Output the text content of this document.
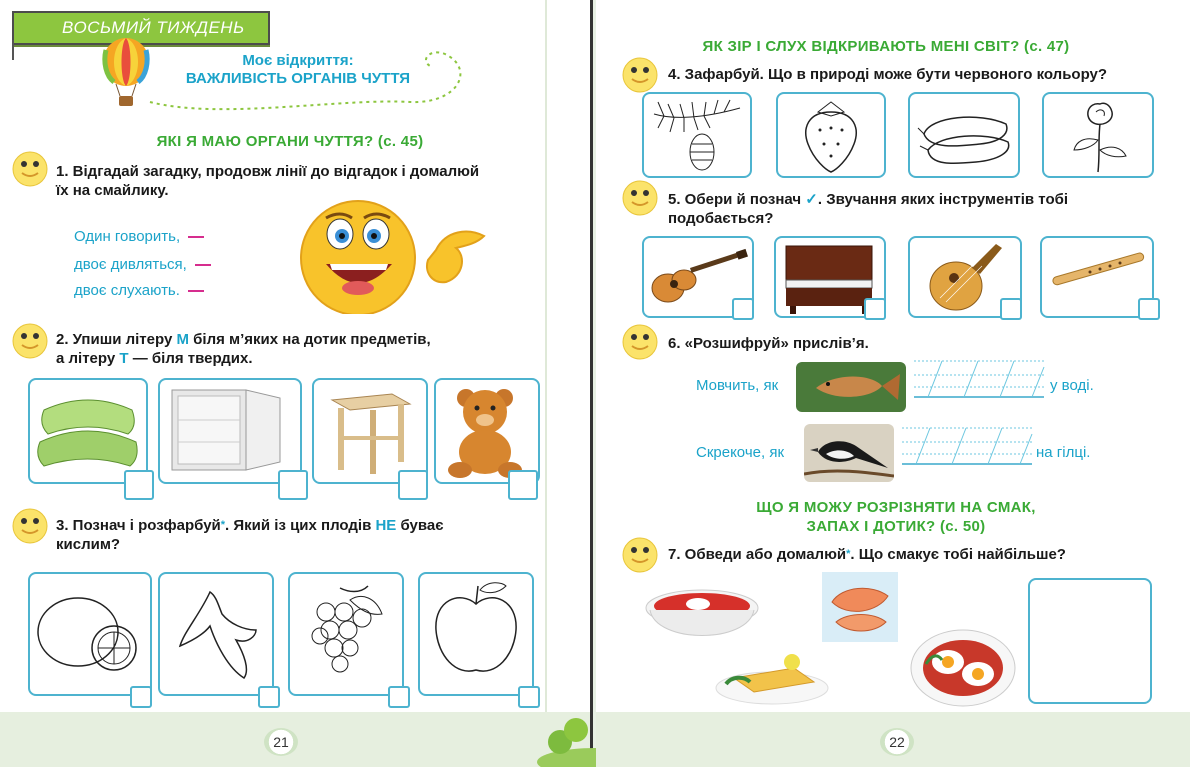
ВОСЬМИЙ ТИЖДЕНЬ
Моє відкриття:
ВАЖЛИВІСТЬ ОРГАНІВ ЧУТТЯ
ЯКІ Я МАЮ ОРГАНИ ЧУТТЯ? (с. 45)
1. Відгадай загадку, продовж лінії до відгадок і домалюй
їх на смайлику.
Один говорить,
двоє дивляться,
двоє слухають.
2. Упиши літеру М біля м’яких на дотик предметів,
а літеру Т — біля твердих.
3. Познач і розфарбуй*. Який із цих плодів НЕ буває
кислим?
21
ЯК ЗІР І СЛУХ ВІДКРИВАЮТЬ МЕНІ СВІТ? (с. 47)
4. Зафарбуй. Що в природі може бути червоного кольору?
5. Обери й познач ✓. Звучання яких інструментів тобі
подобається?
6. «Розшифруй» прислів’я.
Мовчить, як	у воді.
Скрекоче, як	на гілці.
ЩО Я МОЖУ РОЗРІЗНЯТИ НА СМАК,
ЗАПАХ І ДОТИК? (с. 50)
7. Обведи або домалюй*. Що смакує тобі найбільше?
22
